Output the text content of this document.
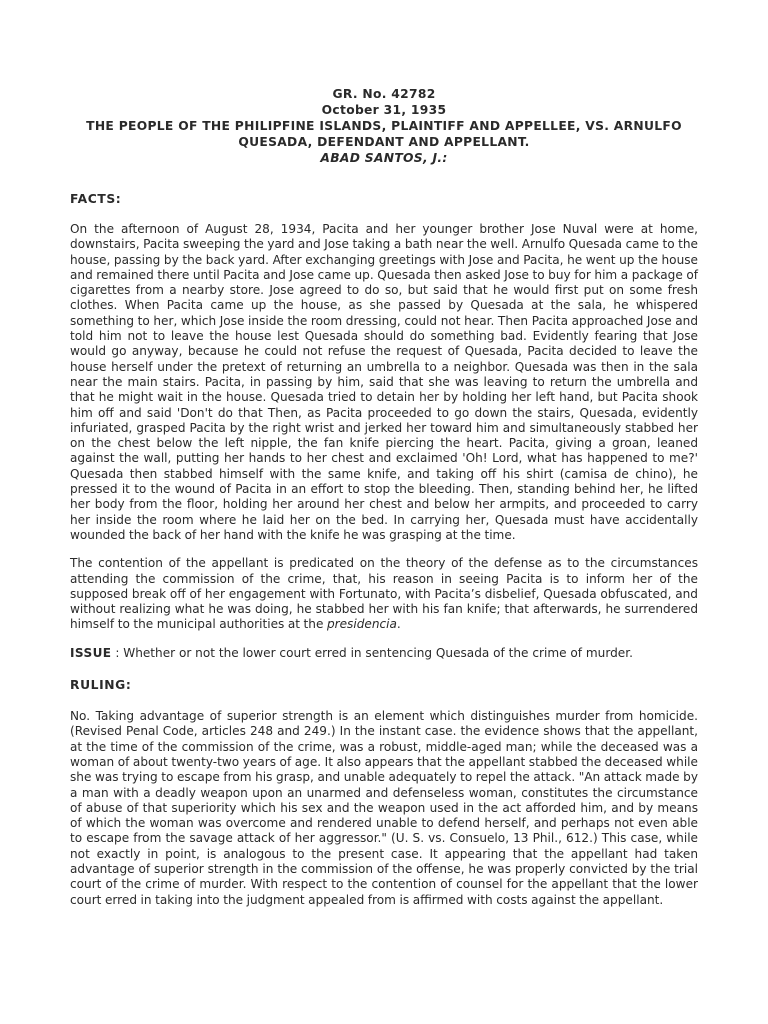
GR. No. 42782
October 31, 1935
THE PEOPLE OF THE PHILIPFINE ISLANDS, PLAINTIFF AND APPELLEE, VS. ARNULFO
QUESADA, DEFENDANT AND APPELLANT.
ABAD SANTOS, J.:
FACTS:

On the afternoon of August 28, 1934, Pacita and her younger brother Jose Nuval were at home, downstairs, Pacita sweeping the yard and Jose taking a bath near the well. Arnulfo Quesada came to the house, passing by the back yard. After exchanging greetings with Jose and Pacita, he went up the house and remained there until Pacita and Jose came up. Quesada then asked Jose to buy for him a package of cigarettes from a nearby store. Jose agreed to do so, but said that he would first put on some fresh clothes. When Pacita came up the house, as she passed by Quesada at the sala, he whispered something to her, which Jose inside the room dressing, could not hear. Then Pacita approached Jose and told him not to leave the house lest Quesada should do something bad. Evidently fearing that Jose would go anyway, because he could not refuse the request of Quesada, Pacita decided to leave the house herself under the pretext of returning an umbrella to a neighbor. Quesada was then in the sala near the main stairs. Pacita, in passing by him, said that she was leaving to return the umbrella and that he might wait in the house. Quesada tried to detain her by holding her left hand, but Pacita shook him off and said 'Don't do that Then, as Pacita proceeded to go down the stairs, Quesada, evidently infuriated, grasped Pacita by the right wrist and jerked her toward him and simultaneously stabbed her on the chest below the left nipple, the fan knife piercing the heart. Pacita, giving a groan, leaned against the wall, putting her hands to her chest and exclaimed 'Oh! Lord, what has happened to me?' Quesada then stabbed himself with the same knife, and taking off his shirt (camisa de chino), he pressed it to the wound of Pacita in an effort to stop the bleeding. Then, standing behind her, he lifted her body from the floor, holding her around her chest and below her armpits, and proceeded to carry her inside the room where he laid her on the bed. In carrying her, Quesada must have accidentally wounded the back of her hand with the knife he was grasping at the time.

The contention of the appellant is predicated on the theory of the defense as to the circumstances attending the commission of the crime, that, his reason in seeing Pacita is to inform her of the supposed break off of her engagement with Fortunato, with Pacita’s disbelief, Quesada obfuscated, and without realizing what he was doing, he stabbed her with his fan knife; that afterwards, he surrendered himself to the municipal authorities at the presidencia.

ISSUE : Whether or not the lower court erred in sentencing Quesada of the crime of murder.
RULING:

No. Taking advantage of superior strength is an element which distinguishes murder from homicide. (Revised Penal Code, articles 248 and 249.) In the instant case. the evidence shows that the appellant, at the time of the commission of the crime, was a robust, middle-aged man; while the deceased was a woman of about twenty-two years of age. It also appears that the appellant stabbed the deceased while she was trying to escape from his grasp, and unable adequately to repel the attack. "An attack made by a man with a deadly weapon upon an unarmed and defenseless woman, constitutes the circumstance of abuse of that superiority which his sex and the weapon used in the act afforded him, and by means of which the woman was overcome and rendered unable to defend herself, and perhaps not even able to escape from the savage attack of her aggressor." (U. S. vs. Consuelo, 13 Phil., 612.) This case, while not exactly in point, is analogous to the present case. It appearing that the appellant had taken advantage of superior strength in the commission of the offense, he was properly convicted by the trial court of the crime of murder. With respect to the contention of counsel for the appellant that the lower court erred in taking into the judgment appealed from is affirmed with costs against the appellant.
